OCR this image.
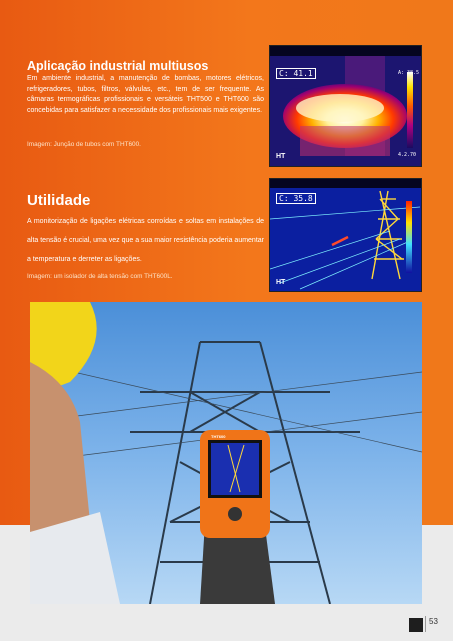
Aplicação industrial multiusos

Em ambiente industrial, a manutenção de bombas, motores elétricos, refrigeradores, tubos, filtros, válvulas, etc., tem de ser frequente. As câmaras termográficas profissionais e versáteis THT500 e THT600 são concebidas para satisfazer a necessidade dos profissionais mais exigentes.

Imagem: Junção de tubos com THT600.

C: 41.1	A: 38.5
4.2.70
HT
Utilidade

A monitorização de ligações elétricas corroídas e soltas em instalações de alta tensão é crucial, uma vez que a sua maior resistência poderia aumentar a temperatura e derreter as ligações.

Imagem: um isolador de alta tensão com THT600L.

C: 35.8
HT
THT600
53
